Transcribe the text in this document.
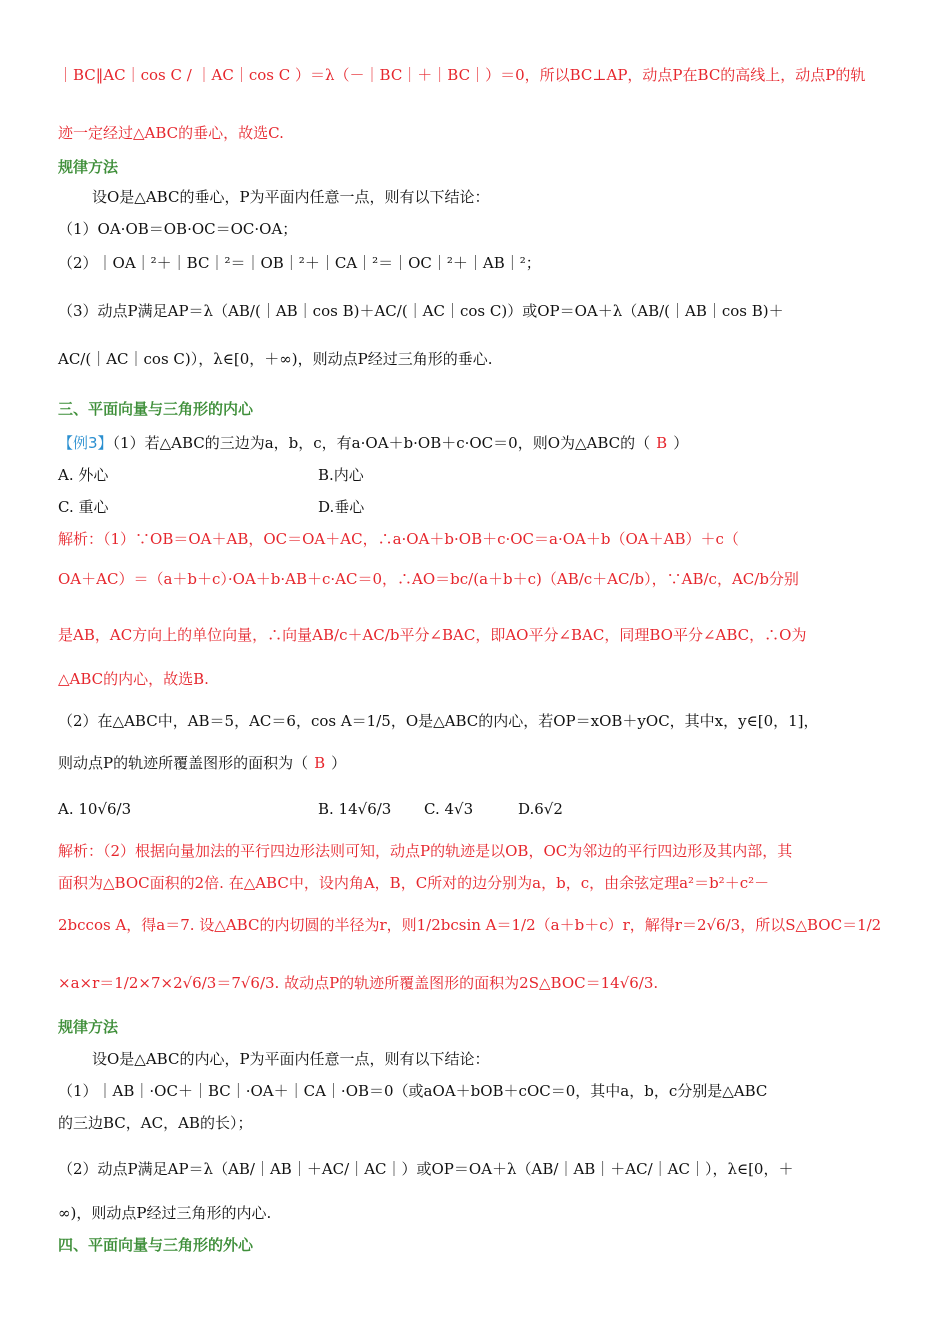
｜BC‖AC｜cos C / ｜AC｜cos C ）＝λ（－｜BC｜＋｜BC｜）＝0，所以BC⊥AP，动点P在BC的高线上，动点P的轨
迹一定经过△ABC的垂心，故选C.
规律方法
设O是△ABC的垂心，P为平面内任意一点，则有以下结论：
（1）OA·OB＝OB·OC＝OC·OA；
（2）｜OA｜²＋｜BC｜²＝｜OB｜²＋｜CA｜²＝｜OC｜²＋｜AB｜²；
（3）动点P满足AP＝λ（AB/(｜AB｜cos B)＋AC/(｜AC｜cos C)）或OP＝OA＋λ（AB/(｜AB｜cos B)＋
AC/(｜AC｜cos C)），λ∈[0，＋∞)，则动点P经过三角形的垂心.
三、平面向量与三角形的内心
【例3】（1）若△ABC的三边为a，b，c，有a·OA＋b·OB＋c·OC＝0，则O为△ABC的（ B ）
A. 外心	B.内心
C. 重心	D.垂心
解析：（1）∵OB＝OA＋AB，OC＝OA＋AC，∴a·OA＋b·OB＋c·OC＝a·OA＋b（OA＋AB）＋c（
OA＋AC）＝（a＋b＋c）·OA＋b·AB＋c·AC＝0，∴AO＝bc/(a＋b＋c)（AB/c＋AC/b），∵AB/c，AC/b分别
是AB，AC方向上的单位向量，∴向量AB/c＋AC/b平分∠BAC，即AO平分∠BAC，同理BO平分∠ABC，∴O为
△ABC的内心，故选B.
（2）在△ABC中，AB＝5，AC＝6，cos A＝1/5，O是△ABC的内心，若OP＝xOB＋yOC，其中x，y∈[0，1]，
则动点P的轨迹所覆盖图形的面积为（ B ）
A. 10√6/3	B. 14√6/3 C. 4√3	D.6√2
解析：（2）根据向量加法的平行四边形法则可知，动点P的轨迹是以OB，OC为邻边的平行四边形及其内部，其
面积为△BOC面积的2倍. 在△ABC中，设内角A，B，C所对的边分别为a，b，c，由余弦定理a²＝b²＋c²－
2bccos A，得a＝7. 设△ABC的内切圆的半径为r，则1/2bcsin A＝1/2（a＋b＋c）r，解得r＝2√6/3，所以S△BOC＝1/2
×a×r＝1/2×7×2√6/3＝7√6/3. 故动点P的轨迹所覆盖图形的面积为2S△BOC＝14√6/3.
规律方法
设O是△ABC的内心，P为平面内任意一点，则有以下结论：
（1）｜AB｜·OC＋｜BC｜·OA＋｜CA｜·OB＝0（或aOA＋bOB＋cOC＝0，其中a，b，c分别是△ABC
的三边BC，AC，AB的长）；
（2）动点P满足AP＝λ（AB/｜AB｜＋AC/｜AC｜）或OP＝OA＋λ（AB/｜AB｜＋AC/｜AC｜），λ∈[0，＋
∞)，则动点P经过三角形的内心.
四、平面向量与三角形的外心
